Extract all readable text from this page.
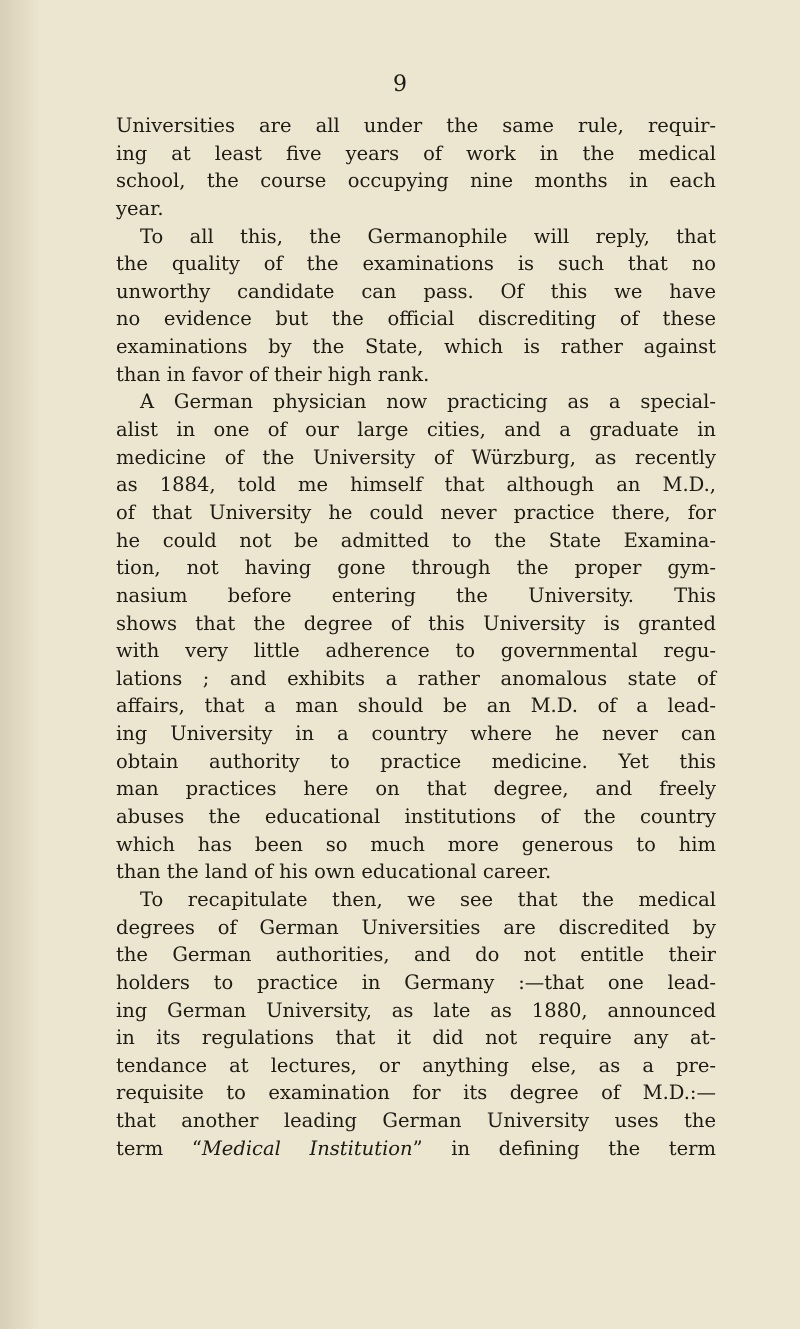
9
Universities are all under the same rule, requir-
ing at least five years of work in the medical
school, the course occupying nine months in each
year.
To all this, the Germanophile will reply, that
the quality of the examinations is such that no
unworthy candidate can pass. Of this we have
no evidence but the official discrediting of these
examinations by the State, which is rather against
than in favor of their high rank.
A German physician now practicing as a special-
alist in one of our large cities, and a graduate in
medicine of the University of Würzburg, as recently
as 1884, told me himself that although an M.D.,
of that University he could never practice there, for
he could not be admitted to the State Examina-
tion, not having gone through the proper gym-
nasium before entering the University. This
shows that the degree of this University is granted
with very little adherence to governmental regu-
lations ; and exhibits a rather anomalous state of
affairs, that a man should be an M.D. of a lead-
ing University in a country where he never can
obtain authority to practice medicine. Yet this
man practices here on that degree, and freely
abuses the educational institutions of the country
which has been so much more generous to him
than the land of his own educational career.
To recapitulate then, we see that the medical
degrees of German Universities are discredited by
the German authorities, and do not entitle their
holders to practice in Germany :—that one lead-
ing German University, as late as 1880, announced
in its regulations that it did not require any at-
tendance at lectures, or anything else, as a pre-
requisite to examination for its degree of M.D.:—
that another leading German University uses the
term “Medical Institution” in defining the term
